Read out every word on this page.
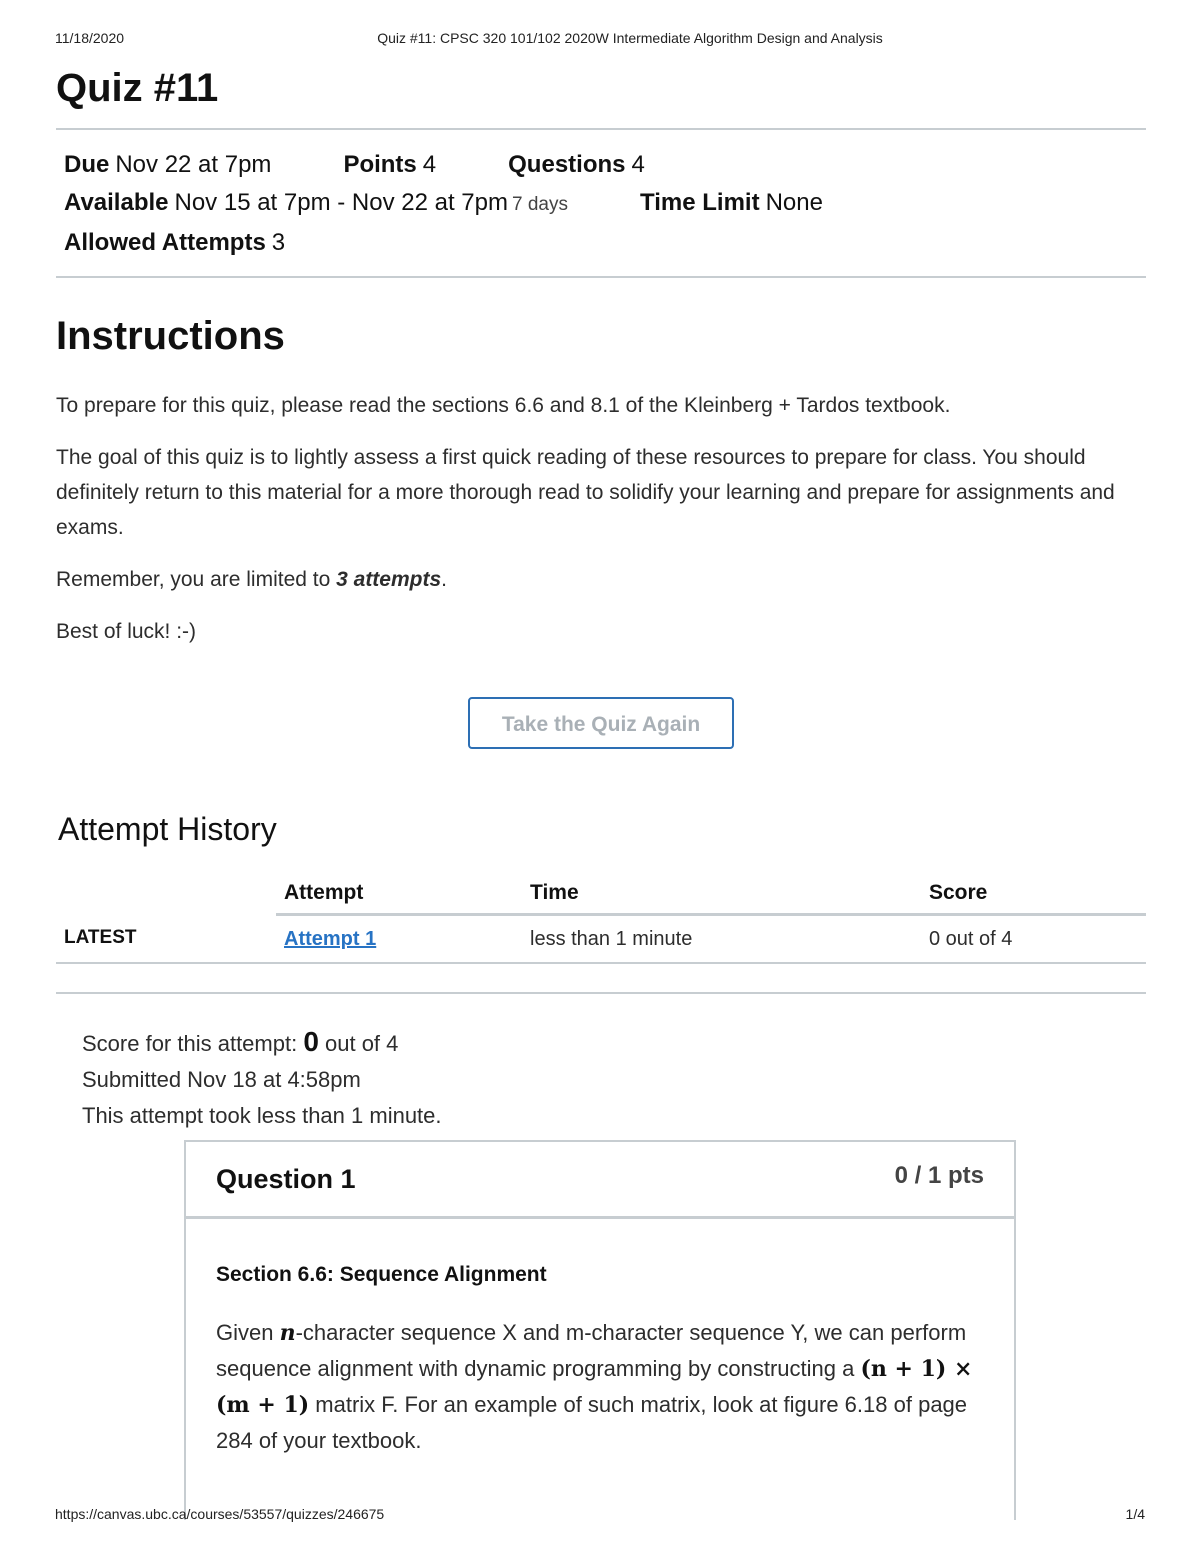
11/18/2020	Quiz #11: CPSC 320 101/102 2020W Intermediate Algorithm Design and Analysis
Quiz #11
Due Nov 22 at 7pm	Points 4	Questions 4
Available Nov 15 at 7pm - Nov 22 at 7pm 7 days	Time Limit None
Allowed Attempts 3
Instructions

To prepare for this quiz, please read the sections 6.6 and 8.1 of the Kleinberg + Tardos textbook.

The goal of this quiz is to lightly assess a first quick reading of these resources to prepare for class. You should definitely return to this material for a more thorough read to solidify your learning and prepare for assignments and exams.

Remember, you are limited to 3 attempts.

Best of luck! :-)

Take the Quiz Again
Attempt History
	Attempt	Time	Score
LATEST	Attempt 1	less than 1 minute	0 out of 4
Score for this attempt: 0 out of 4
Submitted Nov 18 at 4:58pm
This attempt took less than 1 minute.
Question 1	0 / 1 pts

Section 6.6: Sequence Alignment

Given n-character sequence X and m-character sequence Y, we can perform sequence alignment with dynamic programming by constructing a (n + 1) × (m + 1) matrix F. For an example of such matrix, look at figure 6.18 of page 284 of your textbook.

https://canvas.ubc.ca/courses/53557/quizzes/246675	1/4
